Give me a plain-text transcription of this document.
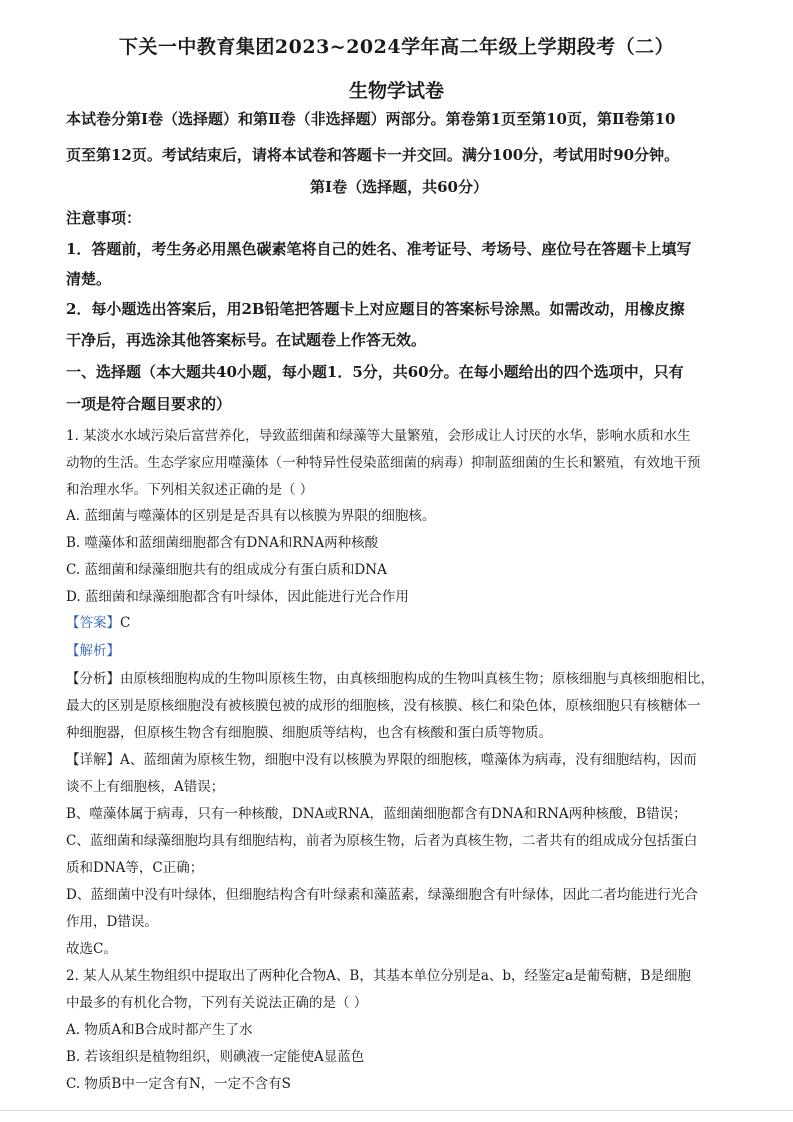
下关一中教育集团2023~2024学年高二年级上学期段考（二）
生物学试卷
本试卷分第Ⅰ卷（选择题）和第Ⅱ卷（非选择题）两部分。第卷第1页至第10页，第Ⅱ卷第10
页至第12页。考试结束后，请将本试卷和答题卡一并交回。满分100分，考试用时90分钟。
第Ⅰ卷（选择题，共60分）
注意事项：
1．答题前，考生务必用黑色碳素笔将自己的姓名、准考证号、考场号、座位号在答题卡上填写
清楚。
2．每小题选出答案后，用2B铅笔把答题卡上对应题目的答案标号涂黑。如需改动，用橡皮擦
干净后，再选涂其他答案标号。在试题卷上作答无效。
一、选择题（本大题共40小题，每小题1．5分，共60分。在每小题给出的四个选项中，只有
一项是符合题目要求的）
1. 某淡水水域污染后富营养化，导致蓝细菌和绿藻等大量繁殖，会形成让人讨厌的水华，影响水质和水生
动物的生活。生态学家应用噬藻体（一种特异性侵染蓝细菌的病毒）抑制蓝细菌的生长和繁殖，有效地干预
和治理水华。下列相关叙述正确的是（ ）
A. 蓝细菌与噬藻体的区别是是否具有以核膜为界限的细胞核。
B. 噬藻体和蓝细菌细胞都含有DNA和RNA两种核酸
C. 蓝细菌和绿藻细胞共有的组成成分有蛋白质和DNA
D. 蓝细菌和绿藻细胞都含有叶绿体，因此能进行光合作用
【答案】C
【解析】
【分析】由原核细胞构成的生物叫原核生物，由真核细胞构成的生物叫真核生物；原核细胞与真核细胞相比，
最大的区别是原核细胞没有被核膜包被的成形的细胞核，没有核膜、核仁和染色体，原核细胞只有核糖体一
种细胞器，但原核生物含有细胞膜、细胞质等结构，也含有核酸和蛋白质等物质。
【详解】A、蓝细菌为原核生物，细胞中没有以核膜为界限的细胞核，噬藻体为病毒，没有细胞结构，因而
谈不上有细胞核，A错误；
B、噬藻体属于病毒，只有一种核酸，DNA或RNA，蓝细菌细胞都含有DNA和RNA两种核酸，B错误；
C、蓝细菌和绿藻细胞均具有细胞结构，前者为原核生物，后者为真核生物，二者共有的组成成分包括蛋白
质和DNA等，C正确；
D、蓝细菌中没有叶绿体，但细胞结构含有叶绿素和藻蓝素，绿藻细胞含有叶绿体，因此二者均能进行光合
作用，D错误。
故选C。
2. 某人从某生物组织中提取出了两种化合物A、B，其基本单位分别是a、b，经鉴定a是葡萄糖，B是细胞
中最多的有机化合物，下列有关说法正确的是（ ）
A. 物质A和B合成时都产生了水
B. 若该组织是植物组织，则碘液一定能使A显蓝色
C. 物质B中一定含有N，一定不含有S
